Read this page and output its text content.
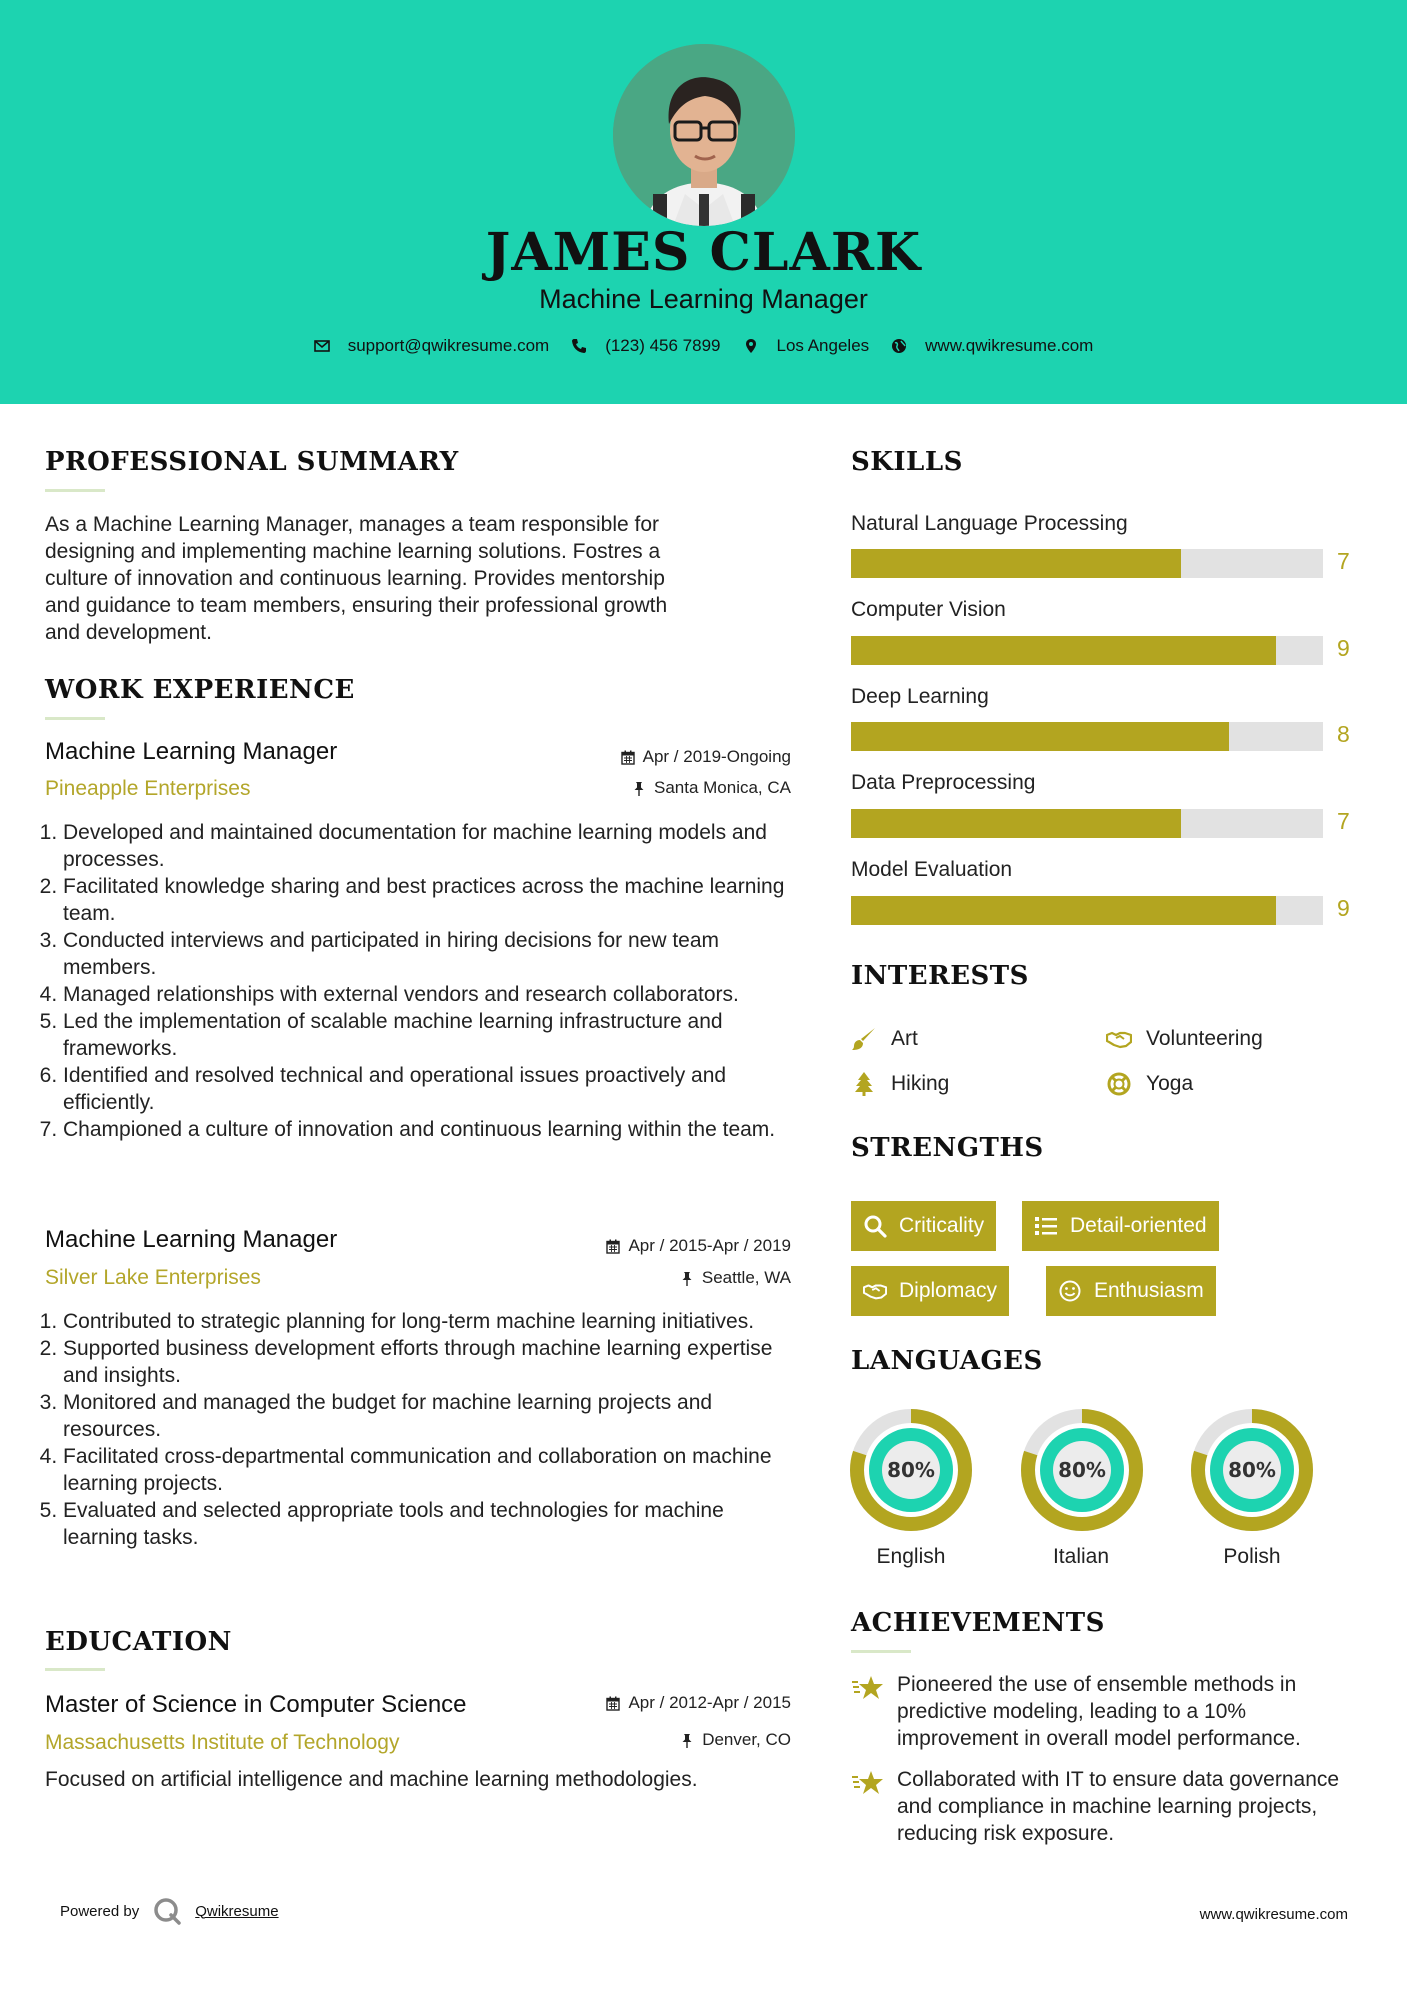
JAMES CLARK
Machine Learning Manager
support@qwikresume.com	(123) 456 7899	Los Angeles	www.qwikresume.com
PROFESSIONAL SUMMARY
As a Machine Learning Manager, manages a team responsible for
designing and implementing machine learning solutions. Fostres a
culture of innovation and continuous learning. Provides mentorship
and guidance to team members, ensuring their professional growth
and development.
WORK EXPERIENCE
Machine Learning Manager
Pineapple Enterprises
Apr / 2019-Ongoing
Santa Monica, CA
1. Developed and maintained documentation for machine learning models and processes.
2. Facilitated knowledge sharing and best practices across the machine learning team.
3. Conducted interviews and participated in hiring decisions for new team members.
4. Managed relationships with external vendors and research collaborators.
5. Led the implementation of scalable machine learning infrastructure and frameworks.
6. Identified and resolved technical and operational issues proactively and efficiently.
7. Championed a culture of innovation and continuous learning within the team.
Machine Learning Manager
Silver Lake Enterprises
Apr / 2015-Apr / 2019
Seattle, WA
1. Contributed to strategic planning for long-term machine learning initiatives.
2. Supported business development efforts through machine learning expertise and insights.
3. Monitored and managed the budget for machine learning projects and resources.
4. Facilitated cross-departmental communication and collaboration on machine learning projects.
5. Evaluated and selected appropriate tools and technologies for machine learning tasks.
EDUCATION
Master of Science in Computer Science
Massachusetts Institute of Technology
Apr / 2012-Apr / 2015
Denver, CO
Focused on artificial intelligence and machine learning methodologies.
SKILLS
Natural Language Processing
7
Computer Vision
9
Deep Learning
8
Data Preprocessing
7
Model Evaluation
9
INTERESTS
Art	Volunteering
Hiking	Yoga
STRENGTHS
Criticality	Detail-oriented
Diplomacy	Enthusiasm
LANGUAGES
80%
English
80%
Italian
80%
Polish
ACHIEVEMENTS
Pioneered the use of ensemble methods in predictive modeling, leading to a 10% improvement in overall model performance.
Collaborated with IT to ensure data governance and compliance in machine learning projects, reducing risk exposure.
Powered by	Qwikresume	www.qwikresume.com
